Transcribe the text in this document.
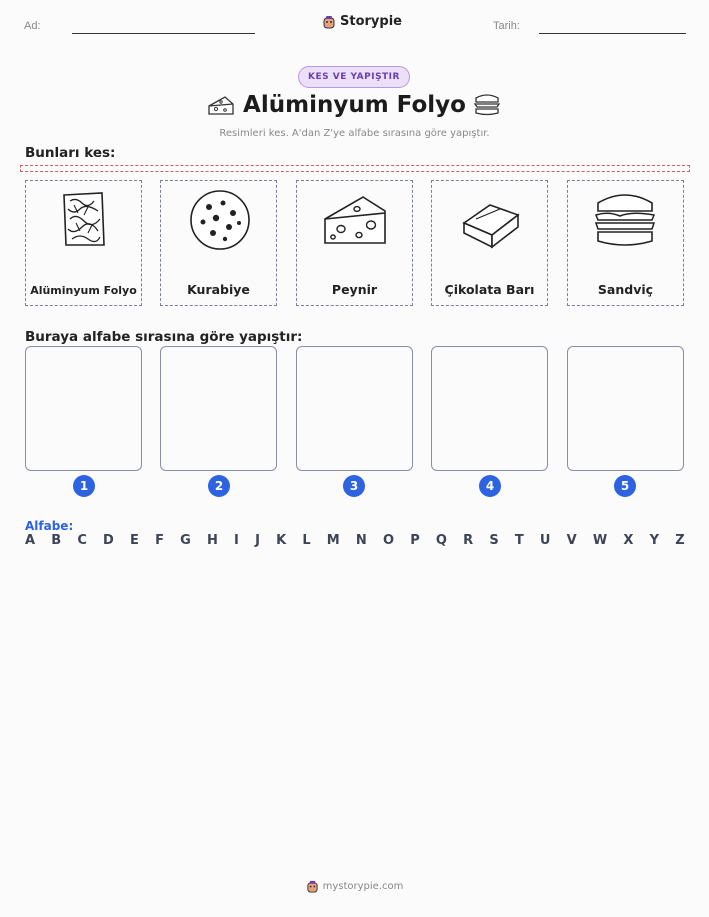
Ad:	Storypie	Tarih:
KES VE YAPIŞTIR
Alüminyum Folyo
Resimleri kes. A'dan Z'ye alfabe sırasına göre yapıştır.
Bunları kes:
Alüminyum Folyo	Kurabiye	Peynir	Çikolata Barı	Sandviç
Buraya alfabe sırasına göre yapıştır:
1	2	3	4	5
Alfabe:
A B C D E F G H I J K L M N O P Q R S T U V W X Y Z
mystorypie.com
